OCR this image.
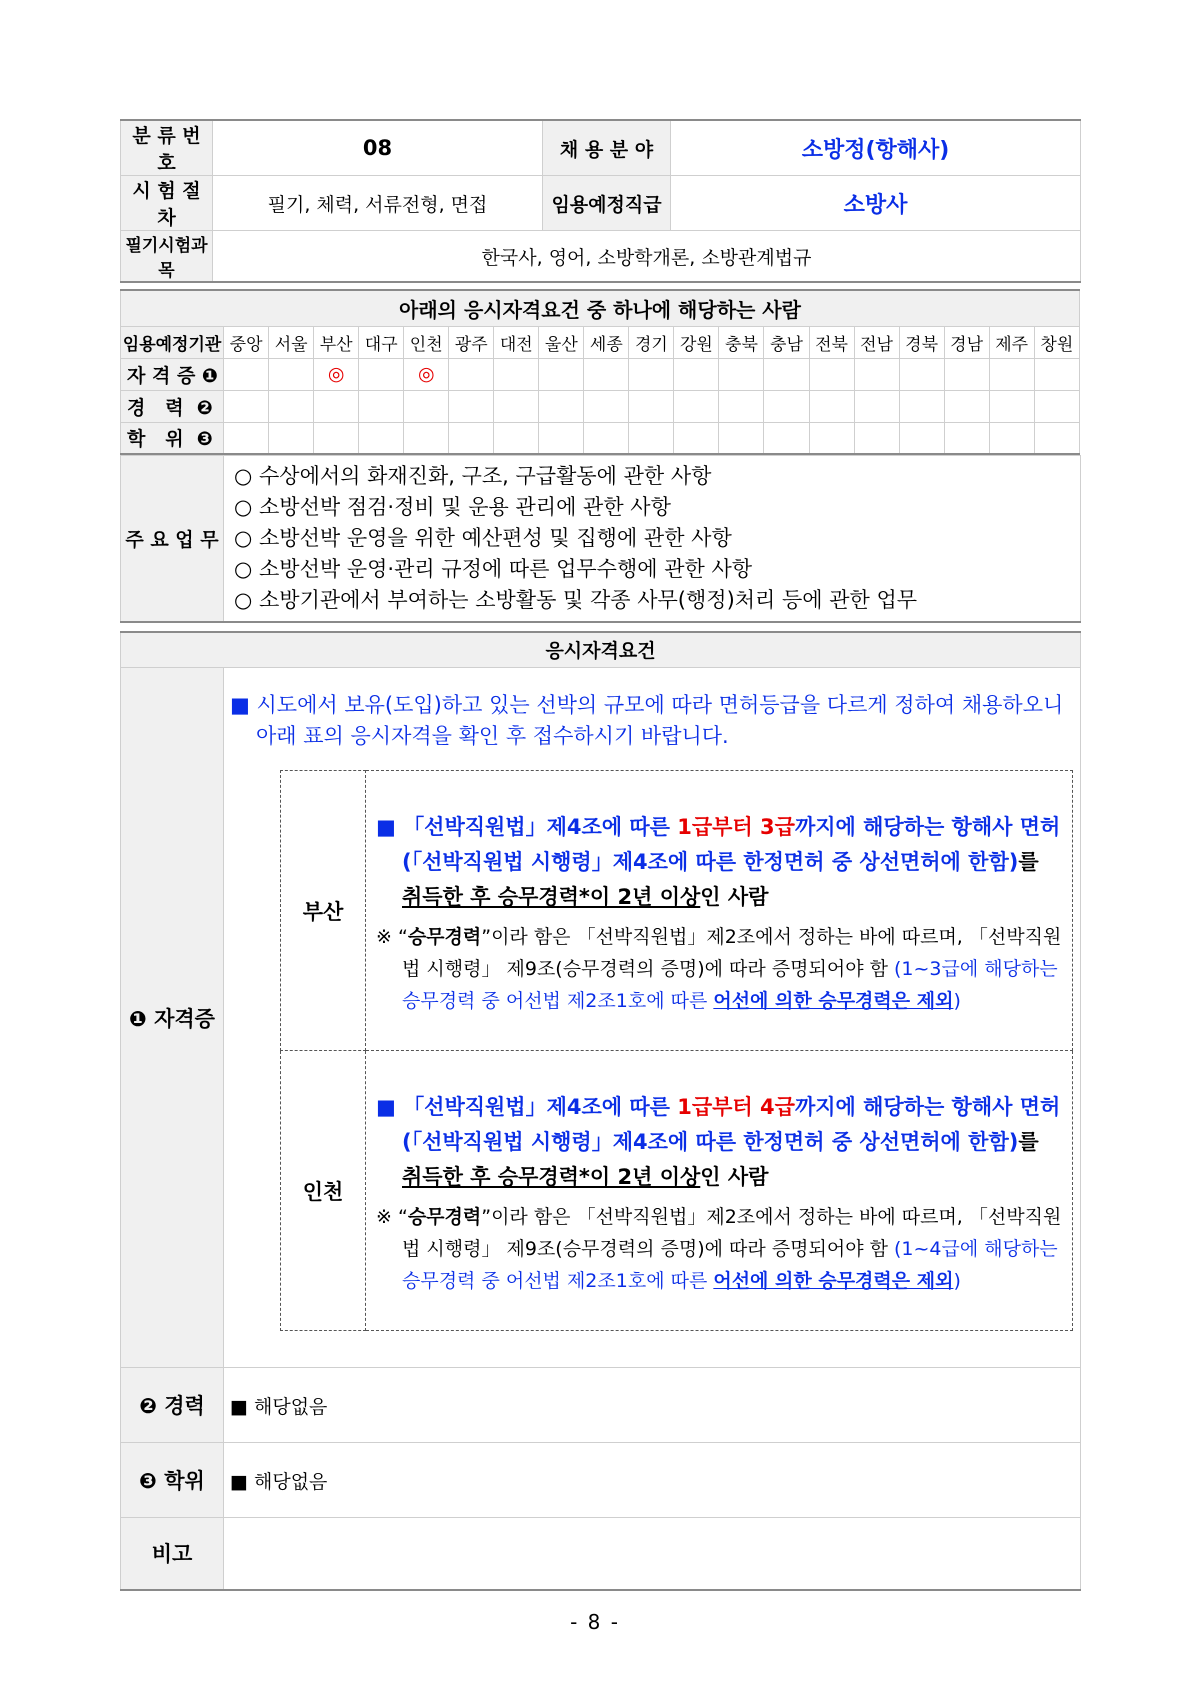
분 류 번 호	08	채 용 분 야	소방정(항해사)
시 험 절 차	필기, 체력, 서류전형, 면접	임용예정직급	소방사
필기시험과목	한국사, 영어, 소방학개론, 소방관계법규		
아래의 응시자격요건 중 하나에 해당하는 사람																			
임용예정기관	중앙	서울	부산	대구	인천	광주	대전	울산	세종	경기	강원	충북	충남	전북	전남	경북	경남	제주	창원
자 격 증 ❶			◎		◎														
경   력  ❷																			
학   위  ❸																			
주 요 업 무	
○ 수상에서의 화재진화, 구조, 구급활동에 관한 사항
○ 소방선박 점검·정비 및 운용 관리에 관한 사항
○ 소방선박 운영을 위한 예산편성 및 집행에 관한 사항
○ 소방선박 운영·관리 규정에 따른 업무수행에 관한 사항
○ 소방기관에서 부여하는 소방활동 및 각종 사무(행정)처리 등에 관한 업무
응시자격요건
❶ 자격증	

■ 시도에서 보유(도입)하고 있는 선박의 규모에 따라 면허등급을 다르게 정하여 채용하오니 아래 표의 응시자격을 확인 후 접수하시기 바랍니다.

부산	
■ 「선박직원법」제4조에 따른 1급부터 3급까지에 해당하는 항해사 면허(「선박직원법 시행령」제4조에 따른 한정면허 중 상선면허에 한함)를 취득한 후 승무경력*이 2년 이상인 사람
※ “승무경력”이라 함은 「선박직원법」제2조에서 정하는 바에 따르며, 「선박직원법 시행령」 제9조(승무경력의 증명)에 따라 증명되어야 함 (1~3급에 해당하는 승무경력 중 어선법 제2조1호에 따른 어선에 의한 승무경력은 제외)

인천	
■ 「선박직원법」제4조에 따른 1급부터 4급까지에 해당하는 항해사 면허(「선박직원법 시행령」제4조에 따른 한정면허 중 상선면허에 한함)를 취득한 후 승무경력*이 2년 이상인 사람
※ “승무경력”이라 함은 「선박직원법」제2조에서 정하는 바에 따르며, 「선박직원법 시행령」 제9조(승무경력의 증명)에 따라 증명되어야 함 (1~4급에 해당하는 승무경력 중 어선법 제2조1호에 따른 어선에 의한 승무경력은 제외)

❷ 경력	■ 해당없음
❸ 학위	■ 해당없음
비고	
- 8 -
